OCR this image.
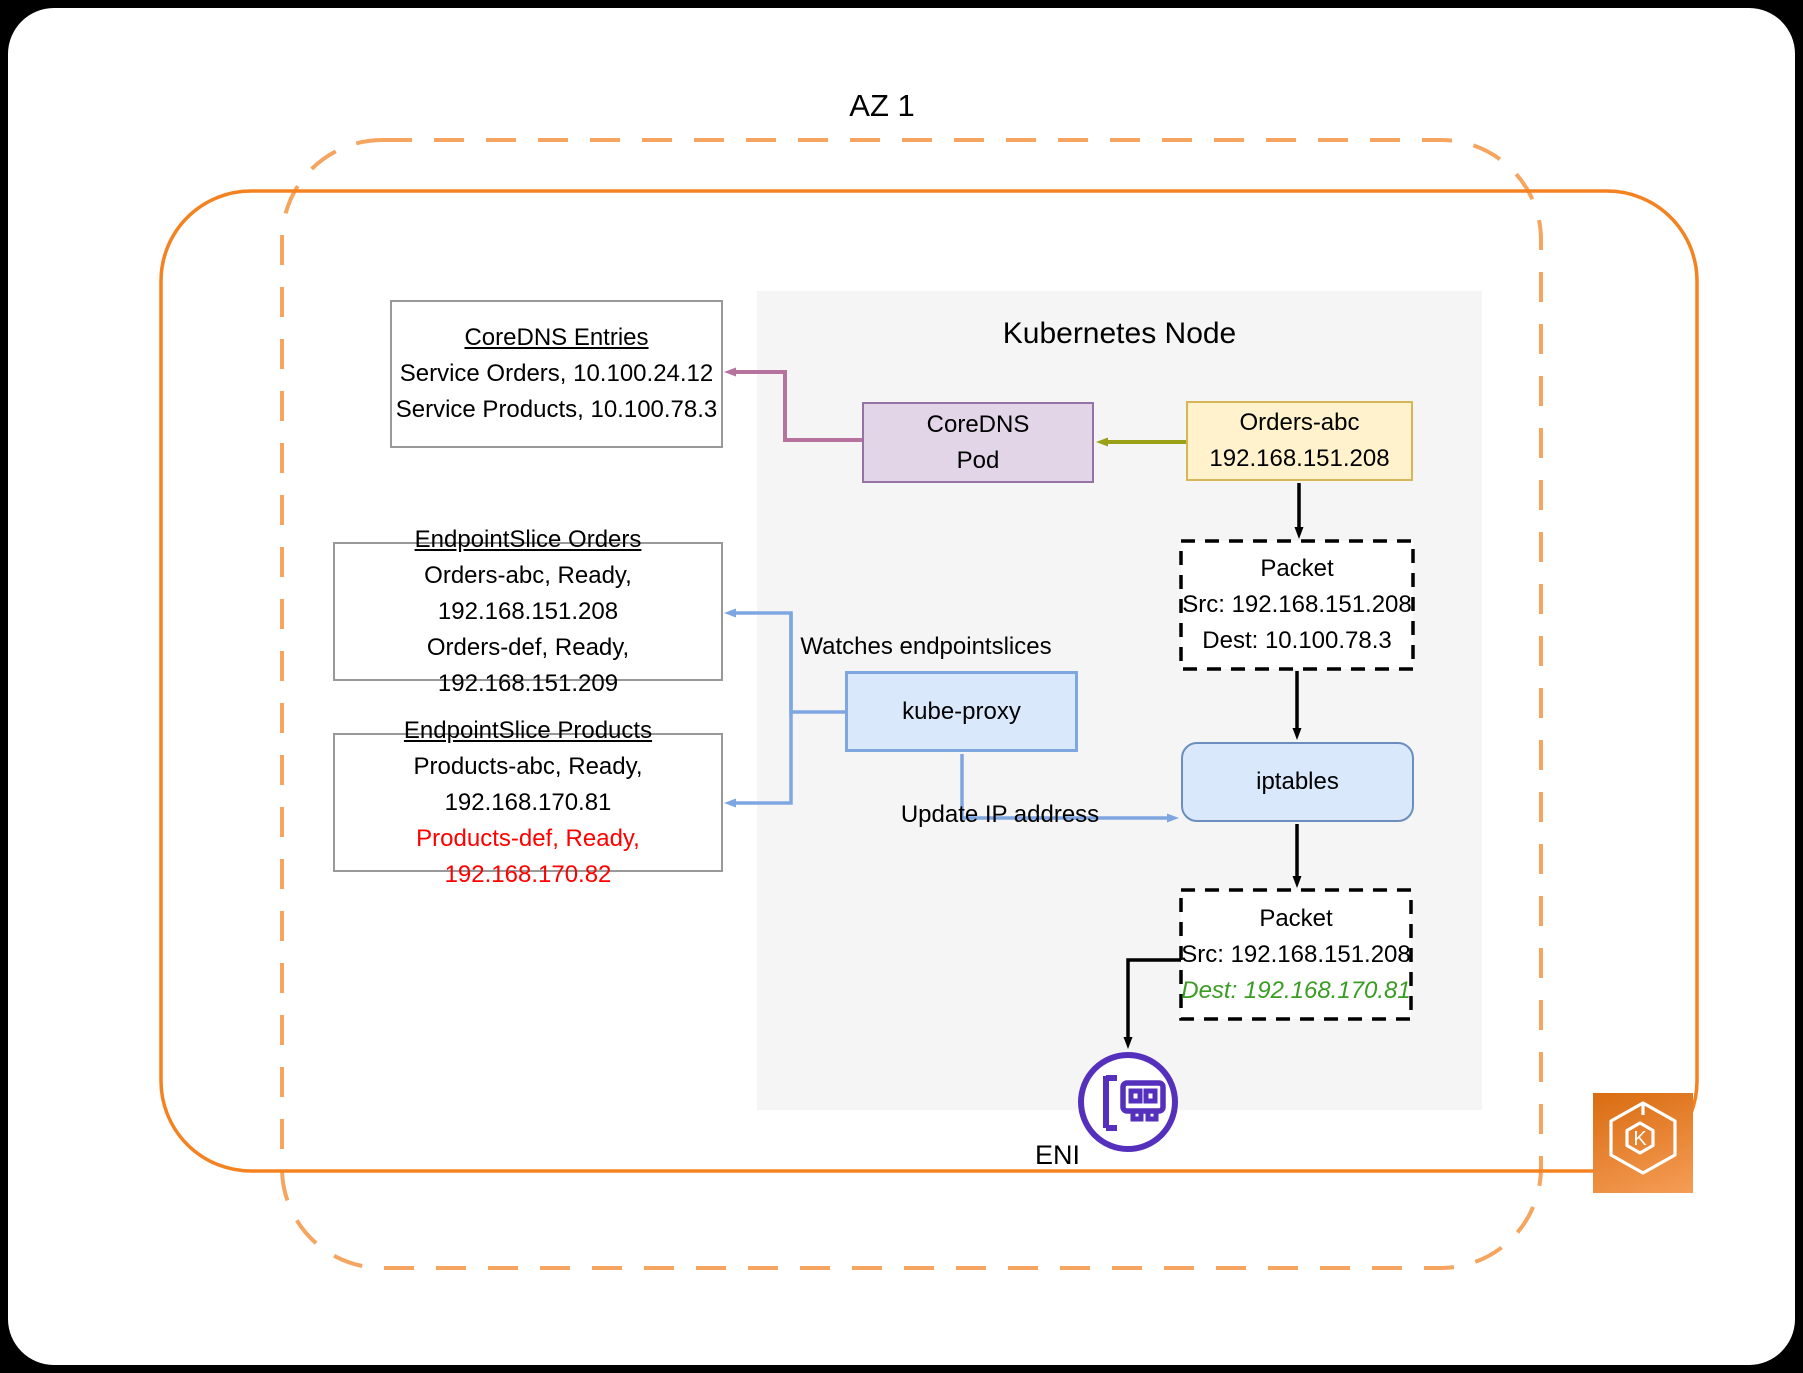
AZ 1
Kubernetes Node
CoreDNS Entries
Service Orders, 10.100.24.12
Service Products, 10.100.78.3
EndpointSlice Orders
Orders-abc, Ready, 192.168.151.208
Orders-def, Ready, 192.168.151.209
EndpointSlice Products
Products-abc, Ready, 192.168.170.81
Products-def, Ready, 192.168.170.82
CoreDNS
Pod
Orders-abc
192.168.151.208
Packet
Src: 192.168.151.208
Dest: 10.100.78.3
iptables
kube-proxy
Packet
Src: 192.168.151.208
Dest: 192.168.170.81
Watches endpointslices
Update IP address
ENI
K
